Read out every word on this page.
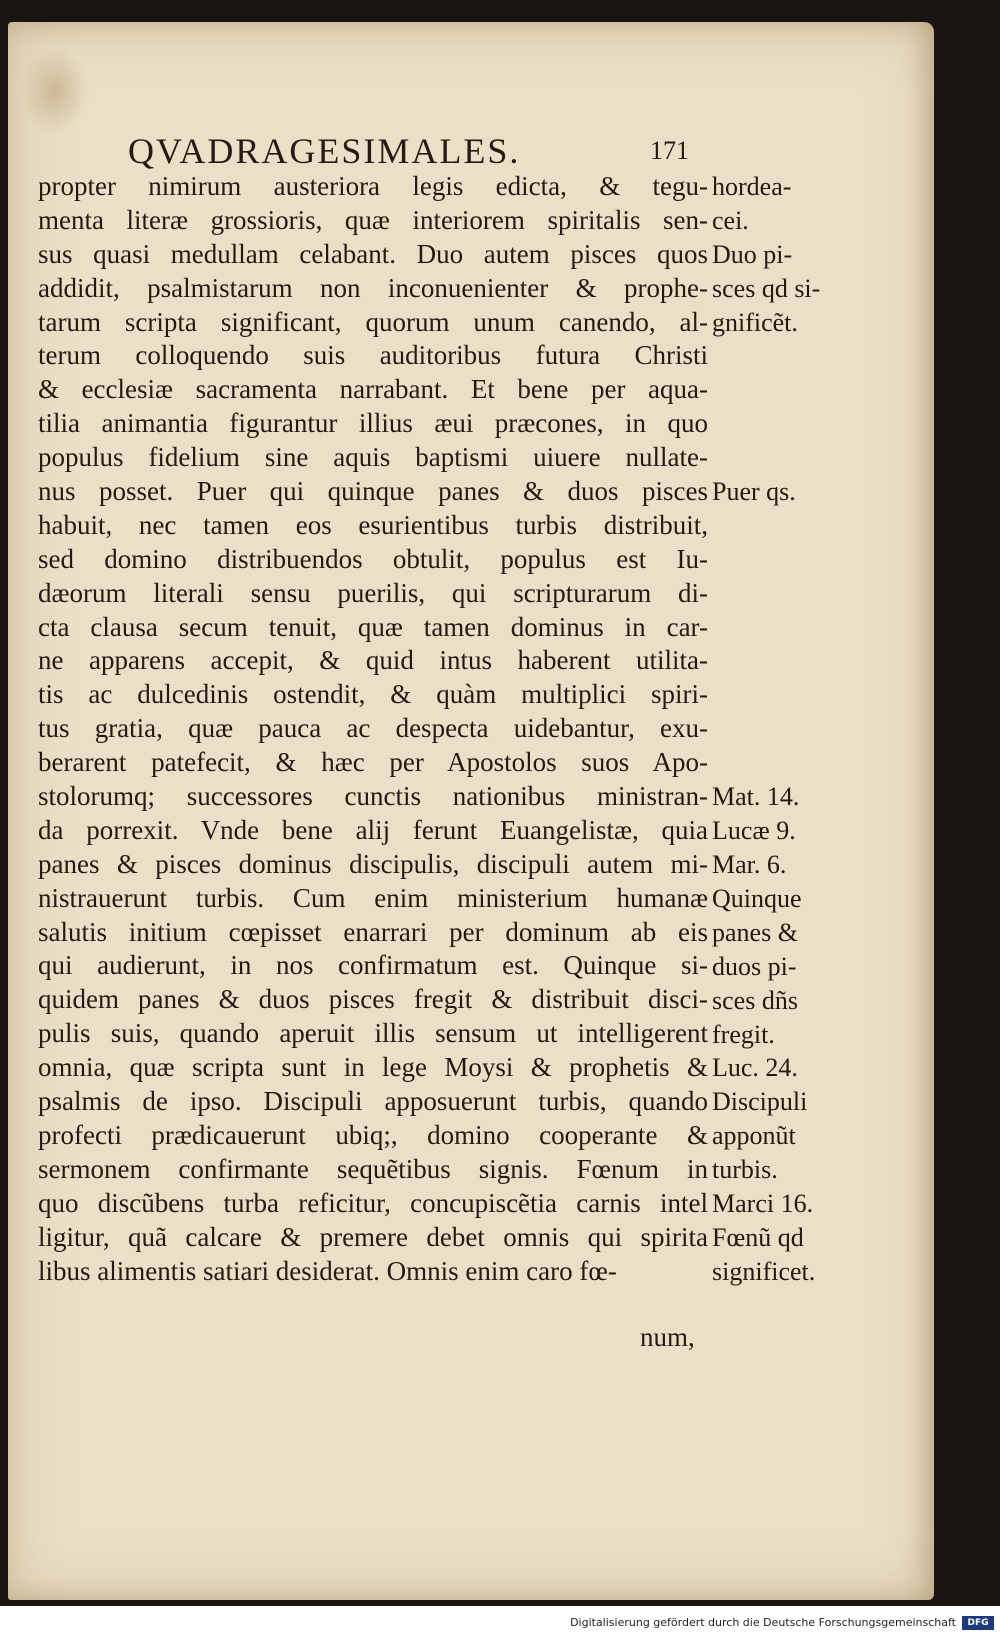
QVADRAGESIMALES.	171
propter nimirum austeriora legis edicta, & tegu-
menta literæ grossioris, quæ interiorem spiritalis sen-
sus quasi medullam celabant. Duo autem pisces quos
addidit, psalmistarum non inconuenienter & prophe-
tarum scripta significant, quorum unum canendo, al-
terum colloquendo suis auditoribus futura Christi
& ecclesiæ sacramenta narrabant. Et bene per aqua-
tilia animantia figurantur illius æui præcones, in quo
populus fidelium sine aquis baptismi uiuere nullate-
nus posset. Puer qui quinque panes & duos pisces
habuit, nec tamen eos esurientibus turbis distribuit,
sed domino distribuendos obtulit, populus est Iu-
dæorum literali sensu puerilis, qui scripturarum di-
cta clausa secum tenuit, quæ tamen dominus in car-
ne apparens accepit, & quid intus haberent utilita-
tis ac dulcedinis ostendit, & quàm multiplici spiri-
tus gratia, quæ pauca ac despecta uidebantur, exu-
berarent patefecit, & hæc per Apostolos suos Apo-
stolorumq; successores cunctis nationibus ministran-
da porrexit. Vnde bene alij ferunt Euangelistæ, quia
panes & pisces dominus discipulis, discipuli autem mi-
nistrauerunt turbis. Cum enim ministerium humanæ
salutis initium cœpisset enarrari per dominum ab eis
qui audierunt, in nos confirmatum est. Quinque si-
quidem panes & duos pisces fregit & distribuit disci-
pulis suis, quando aperuit illis sensum ut intelligerent
omnia, quæ scripta sunt in lege Moysi & prophetis &
psalmis de ipso. Discipuli apposuerunt turbis, quando
profecti prædicauerunt ubiq;, domino cooperante &
sermonem confirmante sequẽtibus signis. Fœnum in
quo discũbens turba reficitur, concupiscẽtia carnis intel
ligitur, quã calcare & premere debet omnis qui spirita
libus alimentis satiari desiderat. Omnis enim caro fœ-
hordea-
cei.
Duo pi-
sces qd si-
gnificẽt.
Puer qs.
Mat. 14.
Lucæ 9.
Mar. 6.
Quinque
panes &
duos pi-
sces dñs
fregit.
Luc. 24.
Discipuli
apponũt
turbis.
Marci 16.
Fœnũ qd
significet.
num,
Digitalisierung gefördert durch die Deutsche Forschungsgemeinschaft	DFG
